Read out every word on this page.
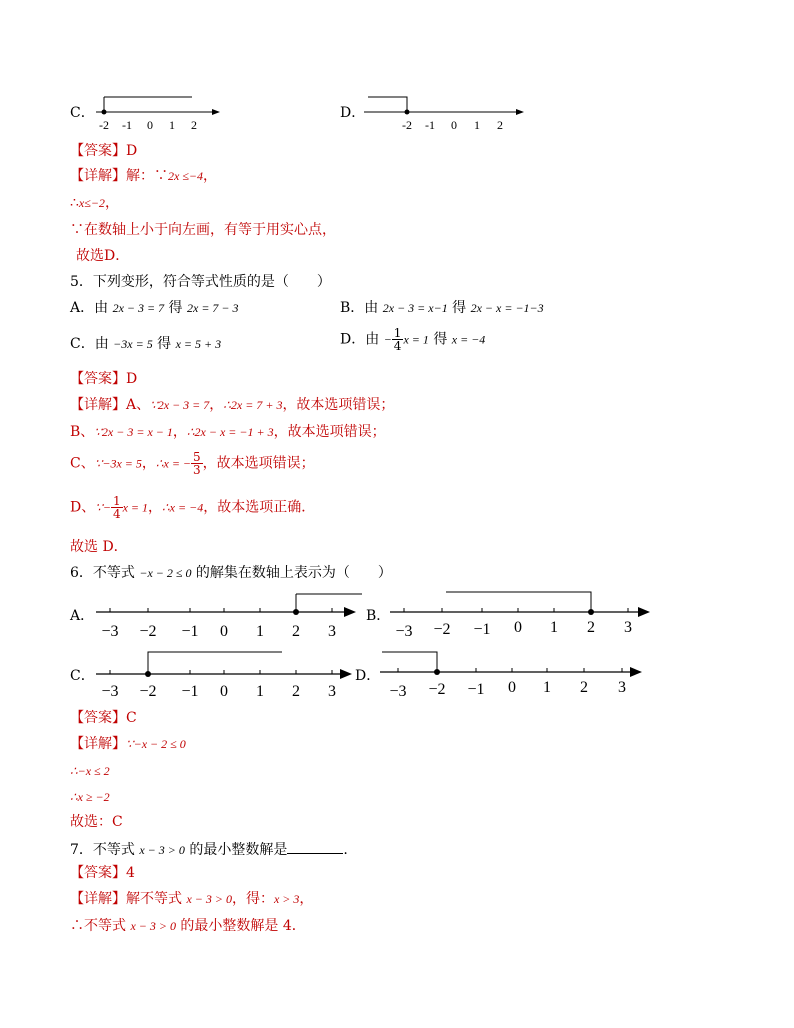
C．
-2 -1 0 1 2
D．
-2 -1 0 1 2
【答案】D
【详解】解：∵2x ≤−4，
∴x≤−2，
∵在数轴上小于向左画，有等于用实心点，
故选D．
5．下列变形，符合等式性质的是（　　）
A．由 2x − 3 = 7 得 2x = 7 − 3	B．由 2x − 3 = x−1 得 2x − x = −1−3
C．由 −3x = 5 得 x = 5 + 3	D．由 − $\frac{1}{4}$ x = 1 得 x = −4
【答案】D
【详解】A、∵2x − 3 = 7，∴2x = 7 + 3，故本选项错误；
B、∵2x − 3 = x − 1，∴2x − x = −1 + 3，故本选项错误；
C、∵−3x = 5，∴x = − $\frac{5}{3}$ ，故本选项错误；
D、∵− $\frac{1}{4}$ x = 1，∴x = −4，故本选项正确．
故选 D．
6．不等式 −x − 2 ≤ 0 的解集在数轴上表示为（　　）
A．
−3 −2 −1 0 1 2 3
B．
−3 −2 −1 0 1 2 3
C．
−3 −2 −1 0 1 2 3
D．
−3 −2 −1 0 1 2 3
【答案】C
【详解】∵−x − 2 ≤ 0
∴−x ≤ 2
∴x ≥ −2
故选：C
7．不等式 x − 3 > 0 的最小整数解是	.
【答案】4
【详解】解不等式 x − 3 > 0，得：x > 3，
∴不等式 x − 3 > 0 的最小整数解是 4．
